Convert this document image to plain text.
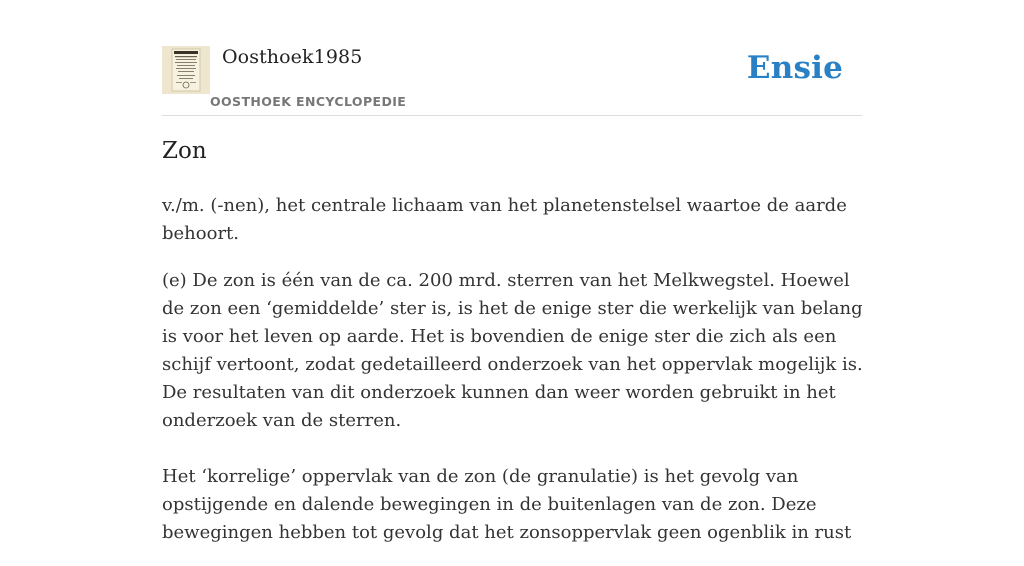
Oosthoek1985
OOSTHOEK ENCYCLOPEDIE
Ensie
Zon

v./m. (-nen), het centrale lichaam van het planetenstelsel waartoe de aarde behoort.

(e) De zon is één van de ca. 200 mrd. sterren van het Melkwegstel. Hoewel de zon een ‘gemiddelde’ ster is, is het de enige ster die werkelijk van belang is voor het leven op aarde. Het is bovendien de enige ster die zich als een schijf vertoont, zodat gedetailleerd onderzoek van het oppervlak mogelijk is. De resultaten van dit onderzoek kunnen dan weer worden gebruikt in het onderzoek van de sterren.

Het ‘korrelige’ oppervlak van de zon (de granulatie) is het gevolg van opstijgende en dalende bewegingen in de buitenlagen van de zon. Deze bewegingen hebben tot gevolg dat het zonsoppervlak geen ogenblik in rust
